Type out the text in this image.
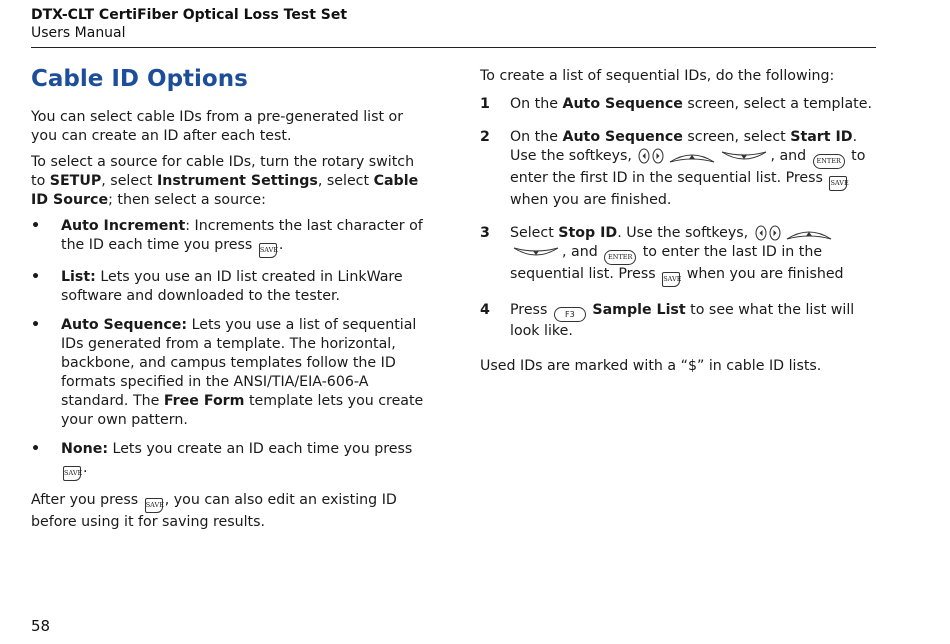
DTX-CLT CertiFiber Optical Loss Test Set
Users Manual
Cable ID Options

You can select cable IDs from a pre-generated list or you can create an ID after each test.

To select a source for cable IDs, turn the rotary switch to SETUP, select Instrument Settings, select Cable ID Source; then select a source:

• Auto Increment: Increments the last character of the ID each time you press SAVE.
• List: Lets you use an ID list created in LinkWare software and downloaded to the tester.
• Auto Sequence: Lets you use a list of sequential IDs generated from a template. The horizontal, backbone, and campus templates follow the ID formats specified in the ANSI/TIA/EIA-606-A standard. The Free Form template lets you create your own pattern.
• None: Lets you create an ID each time you press SAVE.

After you press SAVE, you can also edit an existing ID before using it for saving results.

To create a list of sequential IDs, do the following:

1 On the Auto Sequence screen, select a template.
2 On the Auto Sequence screen, select Start ID. Use the softkeys,	, and ENTER to enter the first ID in the sequential list. Press SAVE when you are finished.
3 Select Stop ID. Use the softkeys, , and ENTER to enter the last ID in the sequential list. Press SAVE when you are finished
4 Press F3 Sample List to see what the list will look like.

Used IDs are marked with a “$” in cable ID lists.

58
